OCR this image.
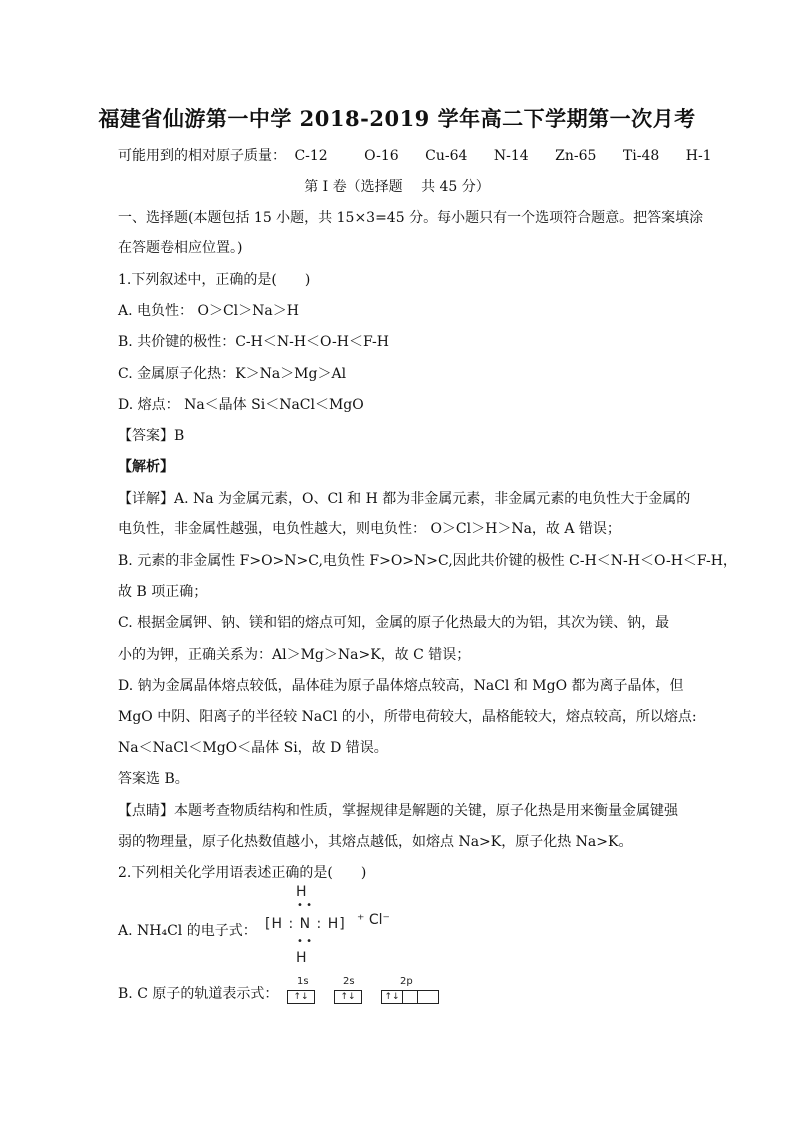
福建省仙游第一中学 2018-2019 学年高二下学期第一次月考
可能用到的相对原子质量： C-12	O-16 Cu-64 N-14 Zn-65 Ti-48 H-1
第 I 卷（选择题　 共 45 分）
一、选择题(本题包括 15 小题，共 15×3=45 分。每小题只有一个选项符合题意。把答案填涂
在答题卷相应位置。)
1.下列叙述中，正确的是(　　)
A. 电负性： O＞Cl＞Na＞H
B. 共价键的极性：C-H＜N-H＜O-H＜F-H
C. 金属原子化热：K＞Na＞Mg＞Al
D. 熔点： Na＜晶体 Si＜NaCl＜MgO
【答案】B
【解析】
【详解】A. Na 为金属元素，O、Cl 和 H 都为非金属元素，非金属元素的电负性大于金属的
电负性，非金属性越强，电负性越大，则电负性： O＞Cl＞H＞Na，故 A 错误；
B. 元素的非金属性 F>O>N>C,电负性 F>O>N>C,因此共价键的极性 C-H＜N-H＜O-H＜F-H，
故 B 项正确；
C. 根据金属钾、钠、镁和铝的熔点可知，金属的原子化热最大的为铝，其次为镁、钠，最
小的为钾，正确关系为：Al＞Mg＞Na>K，故 C 错误；
D. 钠为金属晶体熔点较低，晶体硅为原子晶体熔点较高，NaCl 和 MgO 都为离子晶体，但
MgO 中阴、阳离子的半径较 NaCl 的小，所带电荷较大，晶格能较大，熔点较高，所以熔点:
Na＜NaCl＜MgO＜晶体 Si，故 D 错误。
答案选 B。
【点睛】本题考查物质结构和性质，掌握规律是解题的关键，原子化热是用来衡量金属键强
弱的物理量，原子化热数值越小，其熔点越低，如熔点 Na>K，原子化热 Na>K。
2.下列相关化学用语表述正确的是(　　)
A. NH₄Cl 的电子式：
H
• •
[H : N : H] ⁺ Cl⁻
• •
H
B. C 原子的轨道表示式：
1s	2s	2p
↑↓	↑↓	↑↓
